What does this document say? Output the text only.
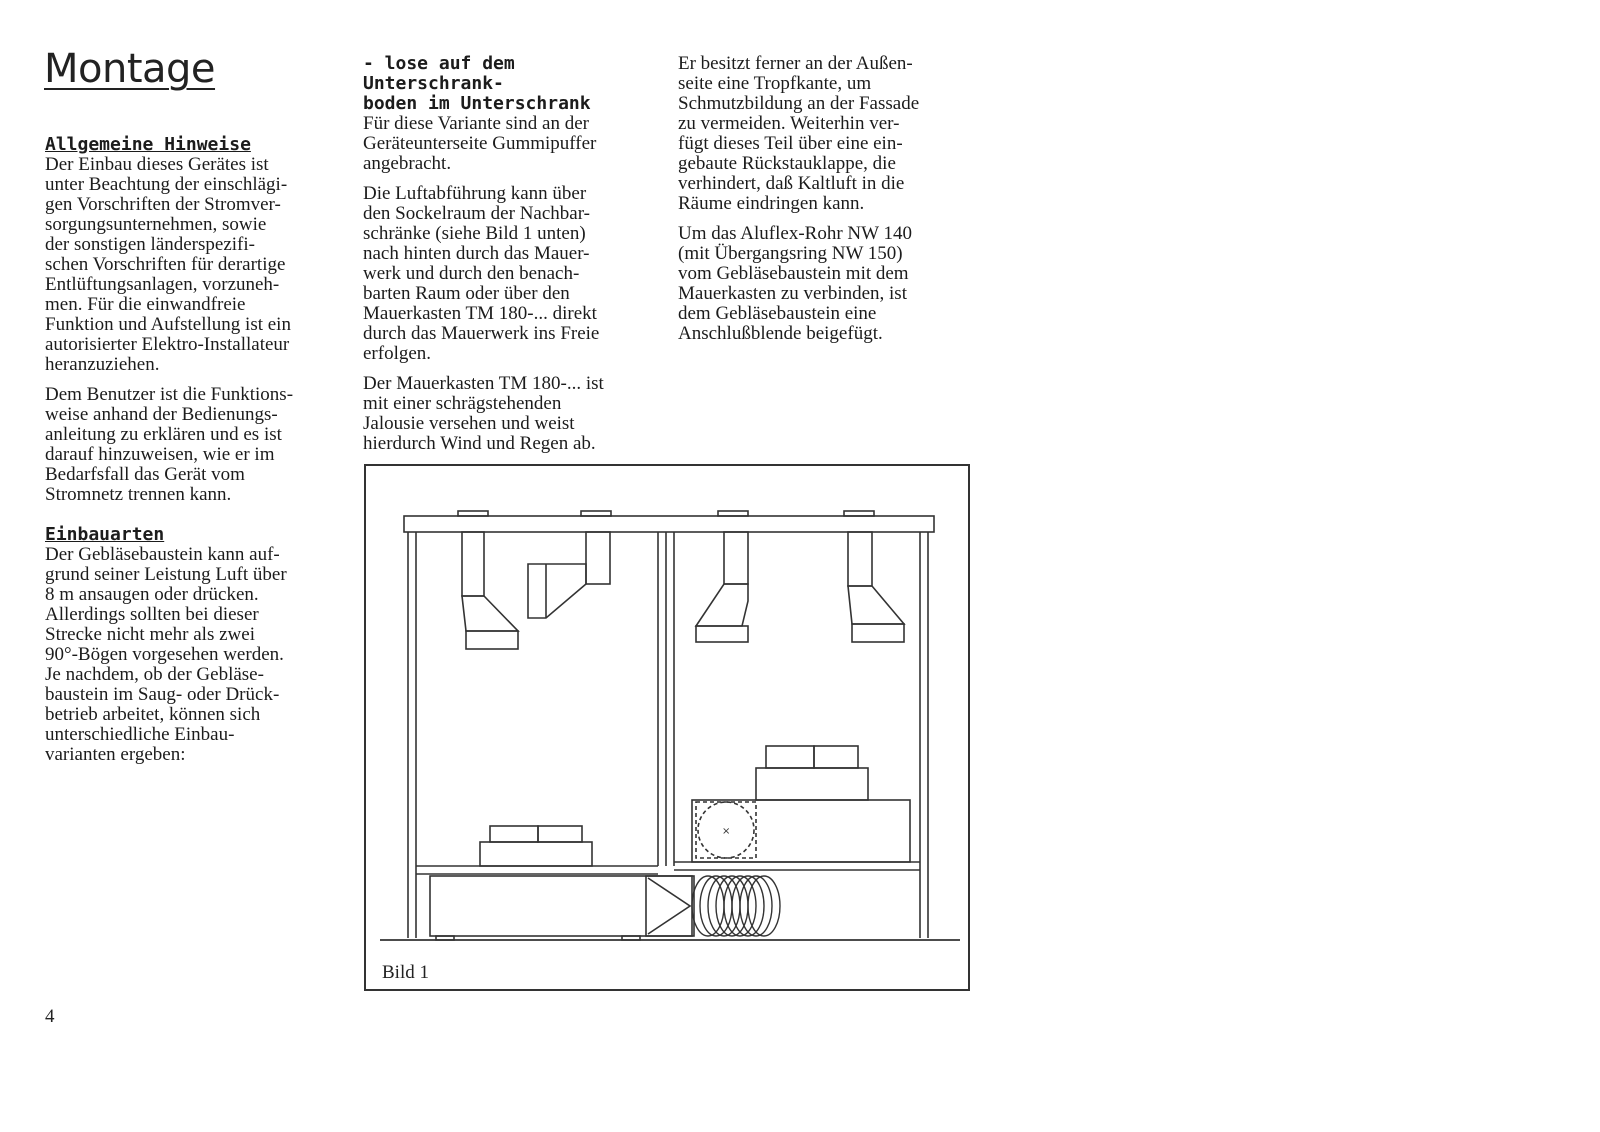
Montage
Allgemeine Hinweise

Der Einbau dieses Gerätes ist
unter Beachtung der einschlägi-
gen Vorschriften der Stromver-
sorgungsunternehmen, sowie
der sonstigen länderspezifi-
schen Vorschriften für derartige
Entlüftungsanlagen, vorzuneh-
men. Für die einwandfreie
Funktion und Aufstellung ist ein
autorisierter Elektro-Installateur
heranzuziehen.

Dem Benutzer ist die Funktions-
weise anhand der Bedienungs-
anleitung zu erklären und es ist
darauf hinzuweisen, wie er im
Bedarfsfall das Gerät vom
Stromnetz trennen kann.

Einbauarten

Der Gebläsebaustein kann auf-
grund seiner Leistung Luft über
8 m ansaugen oder drücken.
Allerdings sollten bei dieser
Strecke nicht mehr als zwei
90°-Bögen vorgesehen werden.
Je nachdem, ob der Gebläse-
baustein im Saug- oder Drück-
betrieb arbeitet, können sich
unterschiedliche Einbau-
varianten ergeben:

- lose auf dem Unterschrank-
boden im Unterschrank

Für diese Variante sind an der
Geräteunterseite Gummipuffer
angebracht.

Die Luftabführung kann über
den Sockelraum der Nachbar-
schränke (siehe Bild 1 unten)
nach hinten durch das Mauer-
werk und durch den benach-
barten Raum oder über den
Mauerkasten TM 180-... direkt
durch das Mauerwerk ins Freie
erfolgen.

Der Mauerkasten TM 180-... ist
mit einer schrägstehenden
Jalousie versehen und weist
hierdurch Wind und Regen ab.

Er besitzt ferner an der Außen-
seite eine Tropfkante, um
Schmutzbildung an der Fassade
zu vermeiden. Weiterhin ver-
fügt dieses Teil über eine ein-
gebaute Rückstauklappe, die
verhindert, daß Kaltluft in die
Räume eindringen kann.

Um das Aluflex-Rohr NW 140
(mit Übergangsring NW 150)
vom Gebläsebaustein mit dem
Mauerkasten zu verbinden, ist
dem Gebläsebaustein eine
Anschlußblende beigefügt.

×
Bild 1
4
